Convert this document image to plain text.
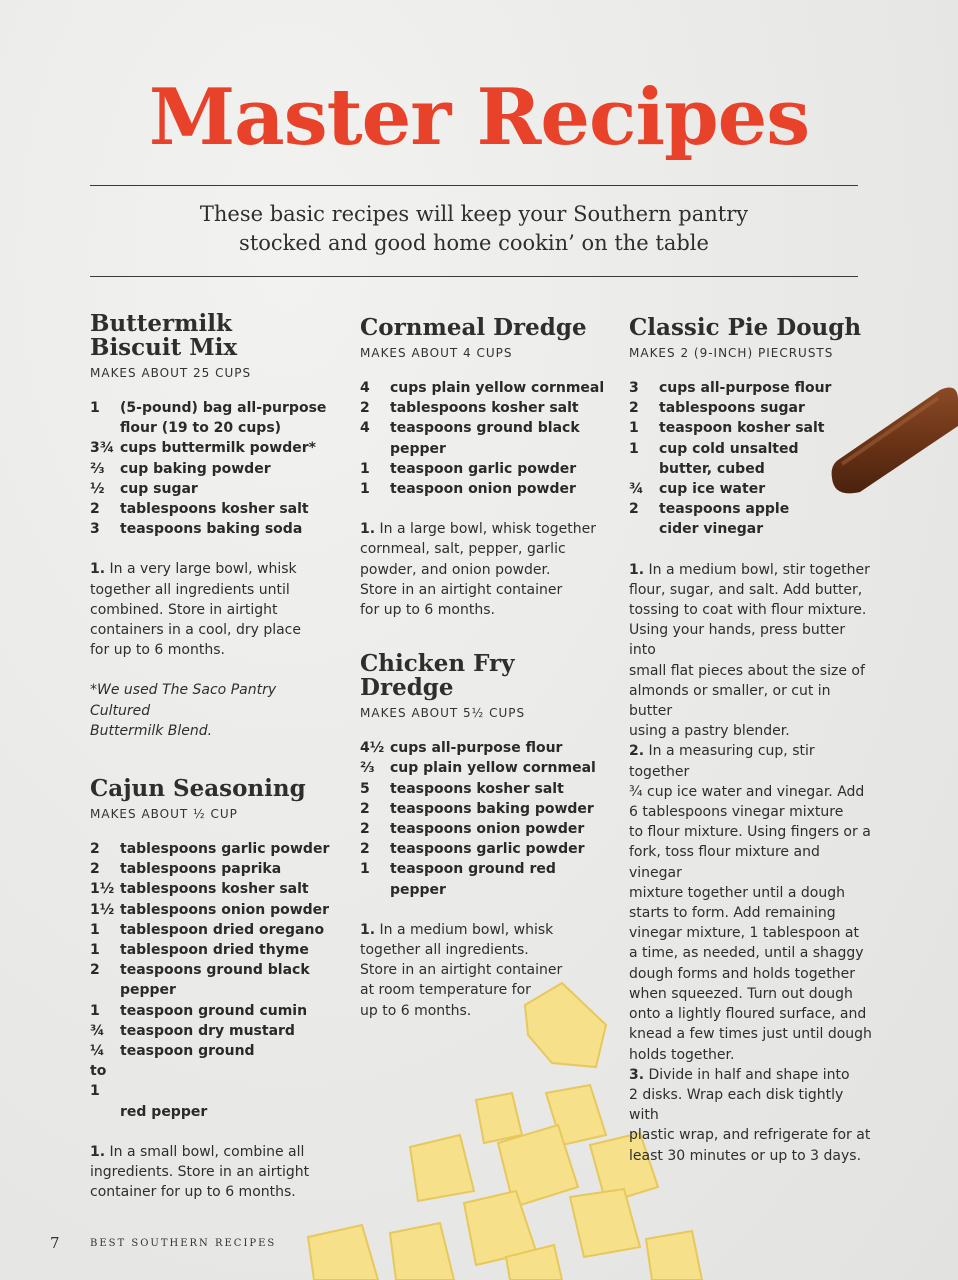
Master Recipes

These basic recipes will keep your Southern pantry
stocked and good home cookin’ on the table

Buttermilk
Biscuit Mix
MAKES ABOUT 25 CUPS
1	(5-pound) bag all-purpose
flour (19 to 20 cups)
3¾ cups buttermilk powder*
⅔	cup baking powder
½	cup sugar
2	tablespoons kosher salt
3	teaspoons baking soda

1. In a very large bowl, whisk
together all ingredients until
combined. Store in airtight
containers in a cool, dry place
for up to 6 months.

*We used The Saco Pantry Cultured
Buttermilk Blend.

Cajun Seasoning
MAKES ABOUT ½ CUP
2	tablespoons garlic powder
2	tablespoons paprika
1½ tablespoons kosher salt
1½ tablespoons onion powder
1	tablespoon dried oregano
1	tablespoon dried thyme
2	teaspoons ground black
pepper
1	teaspoon ground cumin
¾	teaspoon dry mustard
¼ to 1
teaspoon ground
red pepper

1. In a small bowl, combine all
ingredients. Store in an airtight
container for up to 6 months.

Cornmeal Dredge
MAKES ABOUT 4 CUPS
4	cups plain yellow cornmeal
2	tablespoons kosher salt
4	teaspoons ground black
pepper
1	teaspoon garlic powder
1	teaspoon onion powder

1. In a large bowl, whisk together
cornmeal, salt, pepper, garlic
powder, and onion powder.
Store in an airtight container
for up to 6 months.

Chicken Fry
Dredge
MAKES ABOUT 5½ CUPS
4½ cups all-purpose flour
⅔	cup plain yellow cornmeal
5	teaspoons kosher salt
2	teaspoons baking powder
2	teaspoons onion powder
2	teaspoons garlic powder
1	teaspoon ground red pepper

1. In a medium bowl, whisk
together all ingredients.
Store in an airtight container
at room temperature for
up to 6 months.

Classic Pie Dough
MAKES 2 (9-INCH) PIECRUSTS
3	cups all-purpose flour
2	tablespoons sugar
1	teaspoon kosher salt
1	cup cold unsalted
butter, cubed
¾	cup ice water
2	teaspoons apple
cider vinegar

1. In a medium bowl, stir together
flour, sugar, and salt. Add butter,
tossing to coat with flour mixture.
Using your hands, press butter into
small flat pieces about the size of
almonds or smaller, or cut in butter
using a pastry blender.

2. In a measuring cup, stir together
¾ cup ice water and vinegar. Add
6 tablespoons vinegar mixture
to flour mixture. Using fingers or a
fork, toss flour mixture and vinegar
mixture together until a dough
starts to form. Add remaining
vinegar mixture, 1 tablespoon at
a time, as needed, until a shaggy
dough forms and holds together
when squeezed. Turn out dough
onto a lightly floured surface, and
knead a few times just until dough
holds together.

3. Divide in half and shape into
2 disks. Wrap each disk tightly with
plastic wrap, and refrigerate for at
least 30 minutes or up to 3 days.

7	BEST SOUTHERN RECIPES
